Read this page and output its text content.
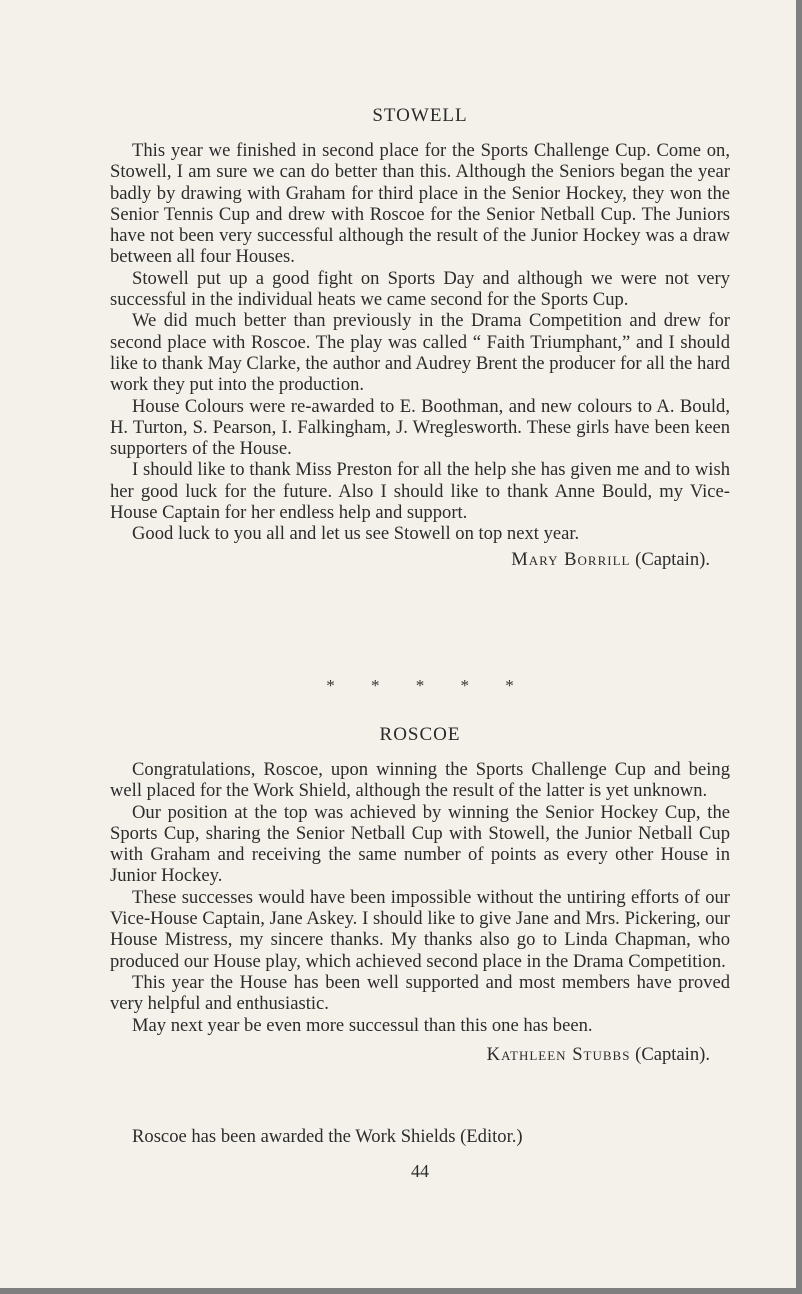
STOWELL

This year we finished in second place for the Sports Challenge Cup. Come on, Stowell, I am sure we can do better than this. Although the Seniors began the year badly by drawing with Graham for third place in the Senior Hockey, they won the Senior Tennis Cup and drew with Roscoe for the Senior Netball Cup. The Juniors have not been very successful although the result of the Junior Hockey was a draw between all four Houses.

Stowell put up a good fight on Sports Day and although we were not very successful in the individual heats we came second for the Sports Cup.

We did much better than previously in the Drama Competition and drew for second place with Roscoe. The play was called “ Faith Triumphant,” and I should like to thank May Clarke, the author and Audrey Brent the producer for all the hard work they put into the production.

House Colours were re-awarded to E. Boothman, and new colours to A. Bould, H. Turton, S. Pearson, I. Falkingham, J. Wreglesworth. These girls have been keen supporters of the House.

I should like to thank Miss Preston for all the help she has given me and to wish her good luck for the future. Also I should like to thank Anne Bould, my Vice-House Captain for her endless help and support.

Good luck to you all and let us see Stowell on top next year.

Mary Borrill (Captain).

* * * * *
ROSCOE

Congratulations, Roscoe, upon winning the Sports Challenge Cup and being well placed for the Work Shield, although the result of the latter is yet unknown.

Our position at the top was achieved by winning the Senior Hockey Cup, the Sports Cup, sharing the Senior Netball Cup with Stowell, the Junior Netball Cup with Graham and receiving the same number of points as every other House in Junior Hockey.

These successes would have been impossible without the untiring efforts of our Vice-House Captain, Jane Askey. I should like to give Jane and Mrs. Pickering, our House Mistress, my sincere thanks. My thanks also go to Linda Chapman, who produced our House play, which achieved second place in the Drama Competition.

This year the House has been well supported and most members have proved very helpful and enthusiastic.

May next year be even more successul than this one has been.

Kathleen Stubbs (Captain).

Roscoe has been awarded the Work Shields (Editor.)
44
